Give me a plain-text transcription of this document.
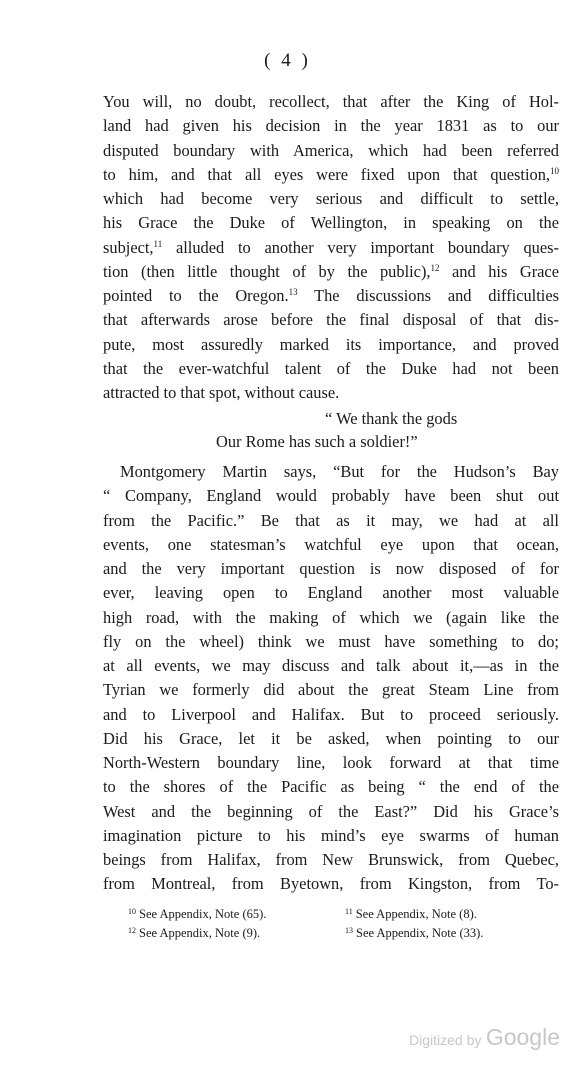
( 4 )
You will, no doubt, recollect, that after the King of Hol-
land had given his decision in the year 1831 as to our
disputed boundary with America, which had been referred
to him, and that all eyes were fixed upon that question,$^{10}$
which had become very serious and difficult to settle,
his Grace the Duke of Wellington, in speaking on the
subject,$^{11}$ alluded to another very important boundary ques-
tion (then little thought of by the public),$^{12}$ and his Grace
pointed to the Oregon.$^{13}$ The discussions and difficulties
that afterwards arose before the final disposal of that dis-
pute, most assuredly marked its importance, and proved
that the ever-watchful talent of the Duke had not been
attracted to that spot, without cause.
“ We thank the gods
Our Rome has such a soldier!”
Montgomery Martin says, “But for the Hudson’s Bay
“ Company, England would probably have been shut out
from the Pacific.” Be that as it may, we had at all
events, one statesman’s watchful eye upon that ocean,
and the very important question is now disposed of for
ever, leaving open to England another most valuable
high road, with the making of which we (again like the
fly on the wheel) think we must have something to do;
at all events, we may discuss and talk about it,—as in the
Tyrian we formerly did about the great Steam Line from
and to Liverpool and Halifax. But to proceed seriously.
Did his Grace, let it be asked, when pointing to our
North-Western boundary line, look forward at that time
to the shores of the Pacific as being “ the end of the
West and the beginning of the East?” Did his Grace’s
imagination picture to his mind’s eye swarms of human
beings from Halifax, from New Brunswick, from Quebec,
from Montreal, from Byetown, from Kingston, from To-
$^{10}$ See Appendix, Note (65).	$^{11}$ See Appendix, Note (8).
$^{12}$ See Appendix, Note (9).	$^{13}$ See Appendix, Note (33).
Digitized by Google
